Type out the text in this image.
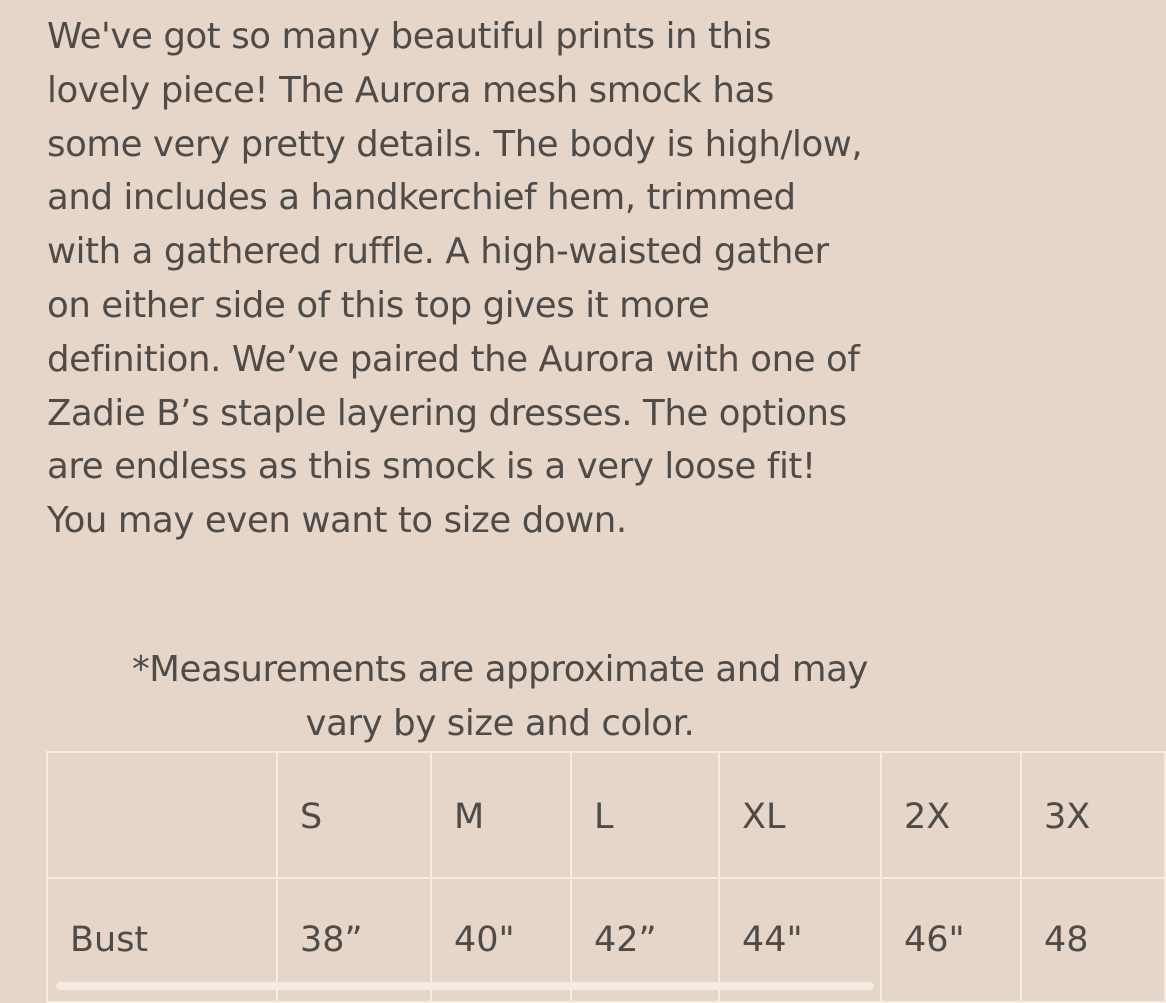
We've got so many beautiful prints in this
lovely piece! The Aurora mesh smock has
some very pretty details. The body is high/low,
and includes a handkerchief hem, trimmed
with a gathered ruffle. A high-waisted gather
on either side of this top gives it more
definition. We’ve paired the Aurora with one of
Zadie B’s staple layering dresses. The options
are endless as this smock is a very loose fit!
You may even want to size down.
*Measurements are approximate and may
vary by size and color.
	S	M	L	XL	2X	3X
Bust	38”	40"	42”	44"	46"	48
